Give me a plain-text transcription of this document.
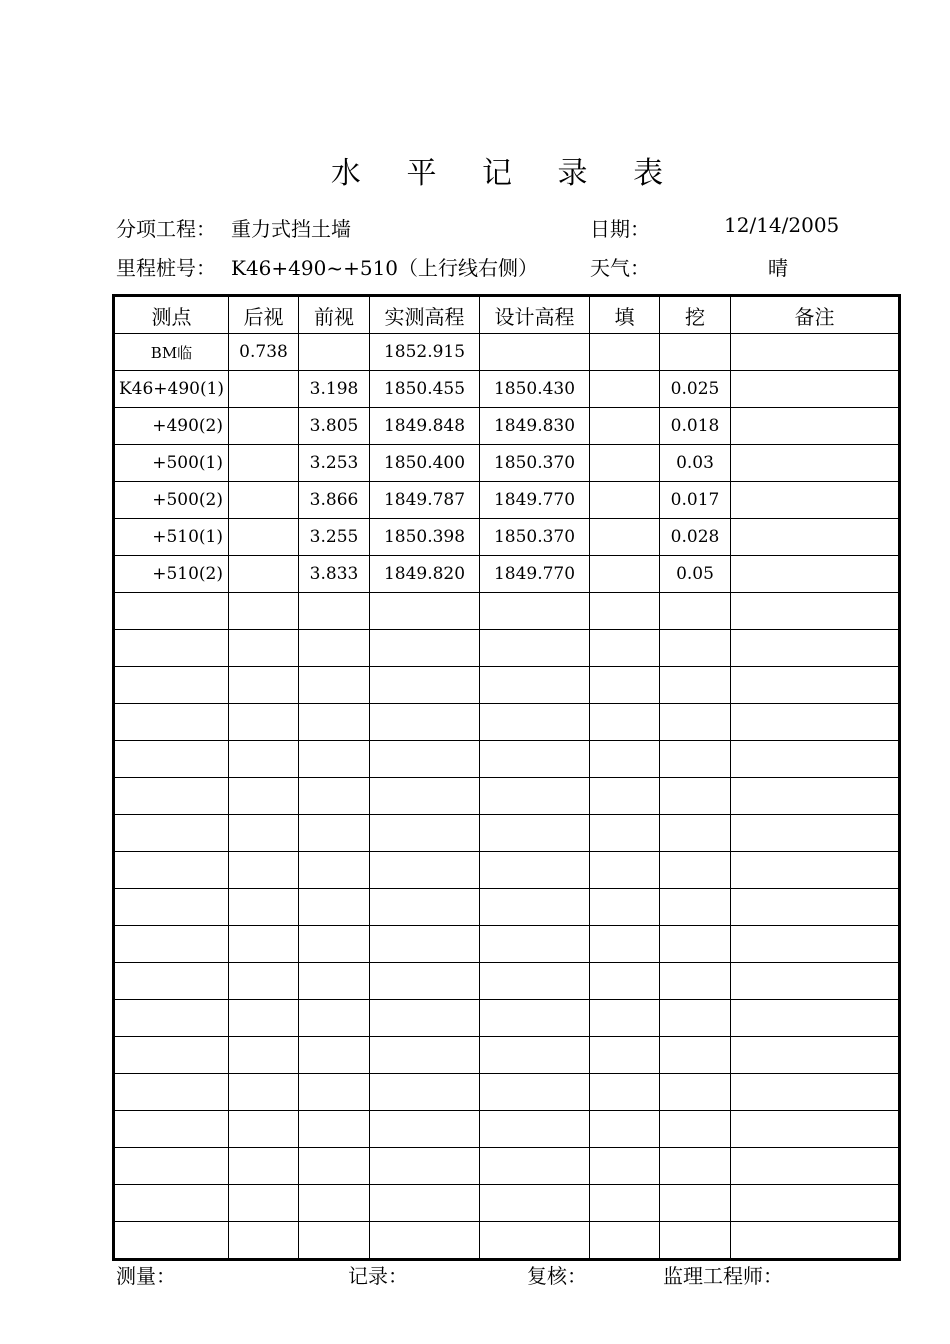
水 平 记 录 表
分项工程： 重力式挡土墙	日期：	12/14/2005
里程桩号： K46+490~+510（上行线右侧）	天气：	晴
测点	后视	前视	实测高程	设计高程	填	挖	备注
BM临	0.738		1852.915				
K46+490(1)		3.198	1850.455	1850.430		0.025	
+490(2)		3.805	1849.848	1849.830		0.018	
+500(1)		3.253	1850.400	1850.370		0.03	
+500(2)		3.866	1849.787	1849.770		0.017	
+510(1)		3.255	1850.398	1850.370		0.028	
+510(2)		3.833	1849.820	1849.770		0.05	

测量：	记录：	复核：	监理工程师：
